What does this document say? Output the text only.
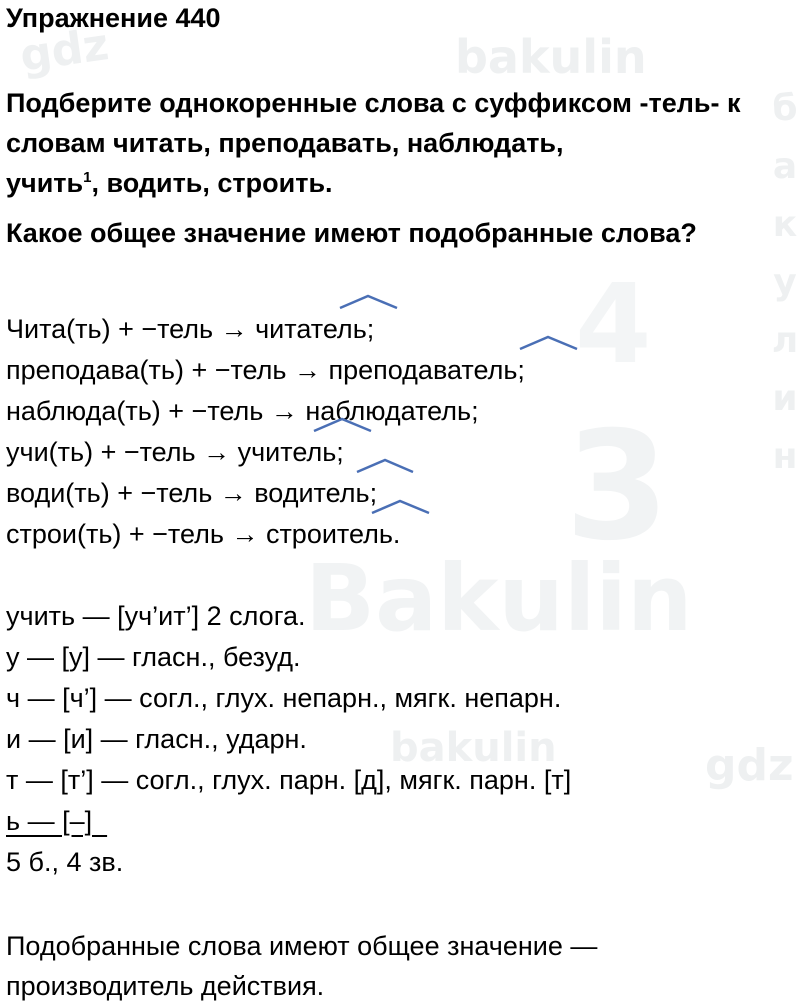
gdz	bakulin
Bakulin
bakulin	gdz
б
а
к
у
л
и
н
4
3
Упражнение 440
Подберите однокоренные слова с суффиксом -тель- к
словам читать, преподавать, наблюдать,
учить$^1$, водить, строить.
Какое общее значение имеют подобранные слова?
Чита(ть) + −тель → читатель;
преподава(ть) + −тель → преподаватель;
наблюда(ть) + −тель → наблюдатель;
учи(ть) + −тель → учитель;
води(ть) + −тель → водитель;
строи(ть) + −тель → строитель.
учить — [уч’ит’] 2 слога.
у — [у] — гласн., безуд.
ч — [ч’] — согл., глух. непарн., мягк. непарн.
и — [и] — гласн., ударн.
т — [т’] — согл., глух. парн. [д], мягк. парн. [т]
ь — [–]
5 б., 4 зв.
Подобранные слова имеют общее значение —
производитель действия.
